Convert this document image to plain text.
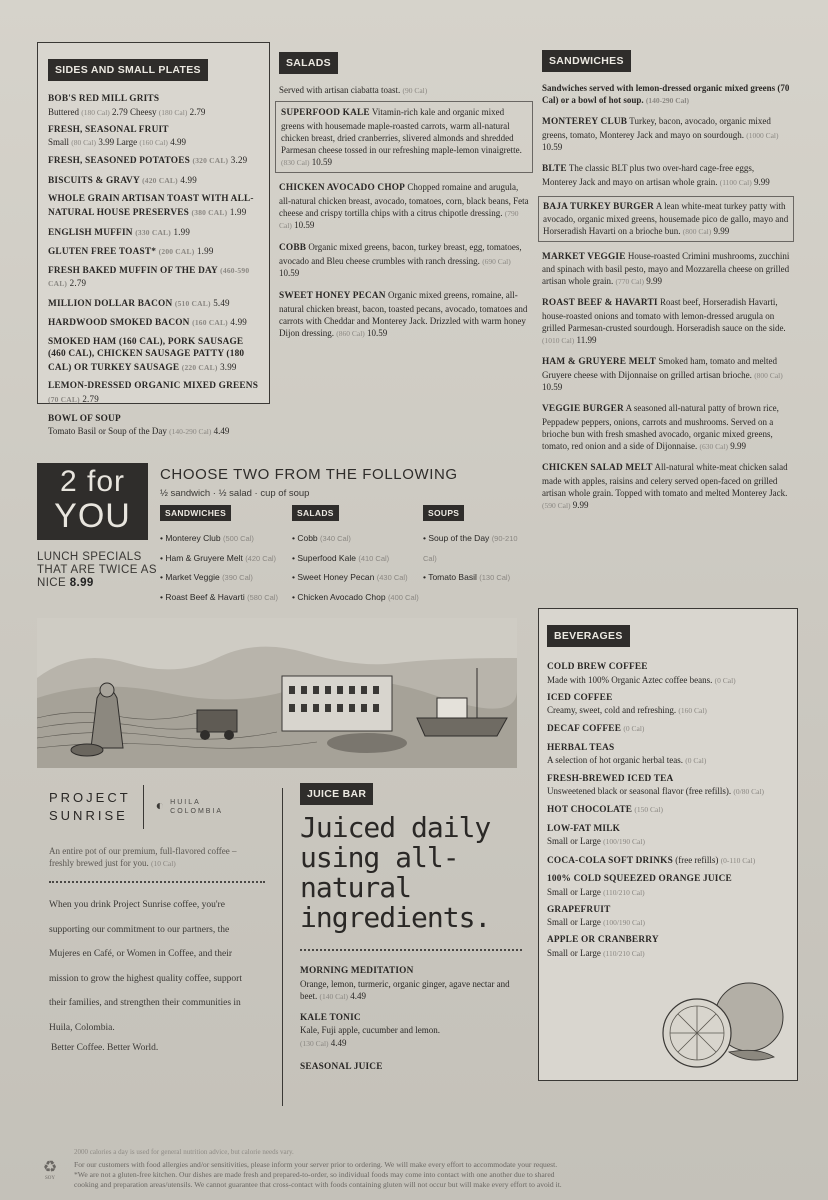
SIDES AND SMALL PLATES
BOB'S RED MILL GRITS
Buttered (180 Cal) 2.79 Cheesy (180 Cal) 2.79
FRESH, SEASONAL FRUIT
Small (80 Cal) 3.99 Large (160 Cal) 4.99
FRESH, SEASONED POTATOES (320 CAL) 3.29
BISCUITS & GRAVY (420 CAL) 4.99
WHOLE GRAIN ARTISAN TOAST WITH ALL-NATURAL HOUSE PRESERVES (380 CAL) 1.99
ENGLISH MUFFIN (330 CAL) 1.99
GLUTEN FREE TOAST* (200 CAL) 1.99
FRESH BAKED MUFFIN OF THE DAY (460-590 CAL) 2.79
MILLION DOLLAR BACON (510 CAL) 5.49
HARDWOOD SMOKED BACON (160 CAL) 4.99
SMOKED HAM (160 CAL), PORK SAUSAGE (460 CAL), CHICKEN SAUSAGE PATTY (180 CAL) OR TURKEY SAUSAGE (220 CAL) 3.99
LEMON-DRESSED ORGANIC MIXED GREENS (70 CAL) 2.79
BOWL OF SOUP
Tomato Basil or Soup of the Day (140-290 Cal) 4.49
SALADS
Served with artisan ciabatta toast. (90 Cal)
SUPERFOOD KALE Vitamin-rich kale and organic mixed greens with housemade maple-roasted carrots, warm all-natural chicken breast, dried cranberries, slivered almonds and shredded Parmesan cheese tossed in our refreshing maple-lemon vinaigrette. (830 Cal) 10.59
CHICKEN AVOCADO CHOP Chopped romaine and arugula, all-natural chicken breast, avocado, tomatoes, corn, black beans, Feta cheese and crispy tortilla chips with a citrus chipotle dressing. (790 Cal) 10.59
COBB Organic mixed greens, bacon, turkey breast, egg, tomatoes, avocado and Bleu cheese crumbles with ranch dressing. (690 Cal) 10.59
SWEET HONEY PECAN Organic mixed greens, romaine, all-natural chicken breast, bacon, toasted pecans, avocado, tomatoes and carrots with Cheddar and Monterey Jack. Drizzled with warm honey Dijon dressing. (860 Cal) 10.59
SANDWICHES
Sandwiches served with lemon-dressed organic mixed greens (70 Cal) or a bowl of hot soup. (140-290 Cal)
MONTEREY CLUB Turkey, bacon, avocado, organic mixed greens, tomato, Monterey Jack and mayo on sourdough. (1000 Cal) 10.59
BLTE The classic BLT plus two over-hard cage-free eggs, Monterey Jack and mayo on artisan whole grain. (1100 Cal) 9.99
BAJA TURKEY BURGER A lean white-meat turkey patty with avocado, organic mixed greens, housemade pico de gallo, mayo and Horseradish Havarti on a brioche bun. (800 Cal) 9.99
MARKET VEGGIE House-roasted Crimini mushrooms, zucchini and spinach with basil pesto, mayo and Mozzarella cheese on grilled artisan whole grain. (770 Cal) 9.99
ROAST BEEF & HAVARTI Roast beef, Horseradish Havarti, house-roasted onions and tomato with lemon-dressed arugula on grilled Parmesan-crusted sourdough. Horseradish sauce on the side. (1010 Cal) 11.99
HAM & GRUYERE MELT Smoked ham, tomato and melted Gruyere cheese with Dijonnaise on grilled artisan brioche. (800 Cal) 10.59
VEGGIE BURGER A seasoned all-natural patty of brown rice, Peppadew peppers, onions, carrots and mushrooms. Served on a brioche bun with fresh smashed avocado, organic mixed greens, tomato, red onion and a side of Dijonnaise. (630 Cal) 9.99
CHICKEN SALAD MELT All-natural white-meat chicken salad made with apples, raisins and celery served open-faced on grilled artisan whole grain. Topped with tomato and melted Monterey Jack. (590 Cal) 9.99
2 for
YOU
LUNCH SPECIALS THAT ARE TWICE AS NICE 8.99
CHOOSE TWO FROM THE FOLLOWING
½ sandwich · ½ salad · cup of soup
SANDWICHES
• Monterey Club (500 Cal)
• Ham & Gruyere Melt (420 Cal)
• Market Veggie (390 Cal)
• Roast Beef & Havarti (580 Cal)
SALADS
• Cobb (340 Cal)
• Superfood Kale (410 Cal)
• Sweet Honey Pecan (430 Cal)
• Chicken Avocado Chop (400 Cal)
SOUPS
• Soup of the Day (90-210 Cal)
• Tomato Basil (130 Cal)
PROJECT
SUNRISE
◐ HUILA
COLOMBIA
An entire pot of our premium, full-flavored coffee – freshly brewed just for you. (10 Cal)
When you drink Project Sunrise coffee, you're supporting our commitment to our partners, the Mujeres en Café, or Women in Coffee, and their mission to grow the highest quality coffee, support their families, and strengthen their communities in Huila, Colombia.
Better Coffee. Better World.
JUICE BAR
Juiced daily using all-natural ingredients.
MORNING MEDITATION
Orange, lemon, turmeric, organic ginger, agave nectar and beet. (140 Cal) 4.49
KALE TONIC
Kale, Fuji apple, cucumber and lemon.
(130 Cal) 4.49
SEASONAL JUICE
BEVERAGES
COLD BREW COFFEE
Made with 100% Organic Aztec coffee beans. (0 Cal)
ICED COFFEE
Creamy, sweet, cold and refreshing. (160 Cal)
DECAF COFFEE (0 Cal)
HERBAL TEAS
A selection of hot organic herbal teas. (0 Cal)
FRESH-BREWED ICED TEA
Unsweetened black or seasonal flavor (free refills). (0/80 Cal)
HOT CHOCOLATE (150 Cal)
LOW-FAT MILK
Small or Large (100/190 Cal)
COCA-COLA SOFT DRINKS (free refills) (0-110 Cal)
100% COLD SQUEEZED ORANGE JUICE
Small or Large (110/210 Cal)
GRAPEFRUIT
Small or Large (100/190 Cal)
APPLE OR CRANBERRY
Small or Large (110/210 Cal)
2000 calories a day is used for general nutrition advice, but calorie needs vary.
♻
SOY
For our customers with food allergies and/or sensitivities, please inform your server prior to ordering. We will make every effort to accommodate your request.
*We are not a gluten-free kitchen. Our dishes are made fresh and prepared-to-order, so individual foods may come into contact with one another due to shared
cooking and preparation areas/utensils. We cannot guarantee that cross-contact with foods containing gluten will not occur but will make every effort to avoid it.
